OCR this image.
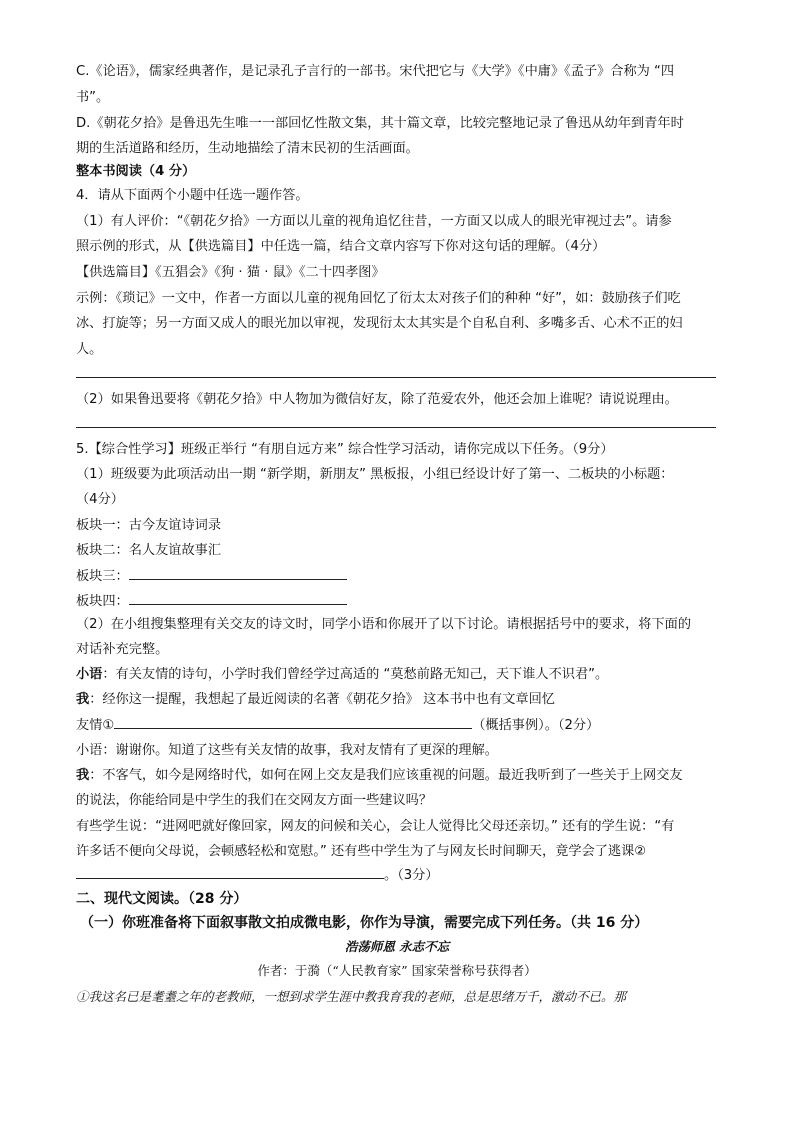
C.《论语》，儒家经典著作，是记录孔子言行的一部书。宋代把它与《大学》《中庸》《孟子》合称为 “四
书”。
D.《朝花夕拾》是鲁迅先生唯一一部回忆性散文集，其十篇文章，比较完整地记录了鲁迅从幼年到青年时
期的生活道路和经历，生动地描绘了清末民初的生活画面。
整本书阅读（4 分）
4．请从下面两个小题中任选一题作答。
（1）有人评价：“《朝花夕拾》一方面以儿童的视角追忆往昔，一方面又以成人的眼光审视过去”。请参
照示例的形式，从【供选篇目】中任选一篇，结合文章内容写下你对这句话的理解。（4分）
【供选篇目】《五猖会》《狗 · 猫 · 鼠》《二十四孝图》
示例：《琐记》一文中，作者一方面以儿童的视角回忆了衍太太对孩子们的种种 “好”，如：鼓励孩子们吃
冰、打旋等；另一方面又成人的眼光加以审视，发现衍太太其实是个自私自利、多嘴多舌、心术不正的妇
人。
（2）如果鲁迅要将《朝花夕拾》中人物加为微信好友，除了范爱农外，他还会加上谁呢？请说说理由。
5.【综合性学习】班级正举行 “有朋自远方来” 综合性学习活动，请你完成以下任务。（9分）
（1）班级要为此项活动出一期 “新学期，新朋友” 黑板报，小组已经设计好了第一、二板块的小标题：
（4分）
板块一：古今友谊诗词录
板块二：名人友谊故事汇
板块三：
板块四：
（2）在小组搜集整理有关交友的诗文时，同学小语和你展开了以下讨论。请根据括号中的要求，将下面的
对话补充完整。
小语：有关友情的诗句，小学时我们曾经学过高适的 “莫愁前路无知己，天下谁人不识君”。
我：经你这一提醒，我想起了最近阅读的名著《朝花夕拾》 这本书中也有文章回忆
友情①	（概括事例）。（2分）
小语：谢谢你。知道了这些有关友情的故事，我对友情有了更深的理解。
我：不客气，如今是网络时代，如何在网上交友是我们应该重视的问题。最近我听到了一些关于上网交友
的说法，你能给同是中学生的我们在交网友方面一些建议吗？
有些学生说：“进网吧就好像回家，网友的问候和关心，会让人觉得比父母还亲切。” 还有的学生说：“有
许多话不便向父母说，会顿感轻松和宽慰。” 还有些中学生为了与网友长时间聊天，竟学会了逃课②
。（3分）
二、现代文阅读。（28 分）
（一）你班准备将下面叙事散文拍成微电影，你作为导演，需要完成下列任务。（共 16 分）
浩荡师恩 永志不忘
作者：于漪（“人民教育家” 国家荣誉称号获得者）
①我这名已是耄耋之年的老教师，一想到求学生涯中教我育我的老师，总是思绪万千，激动不已。那
